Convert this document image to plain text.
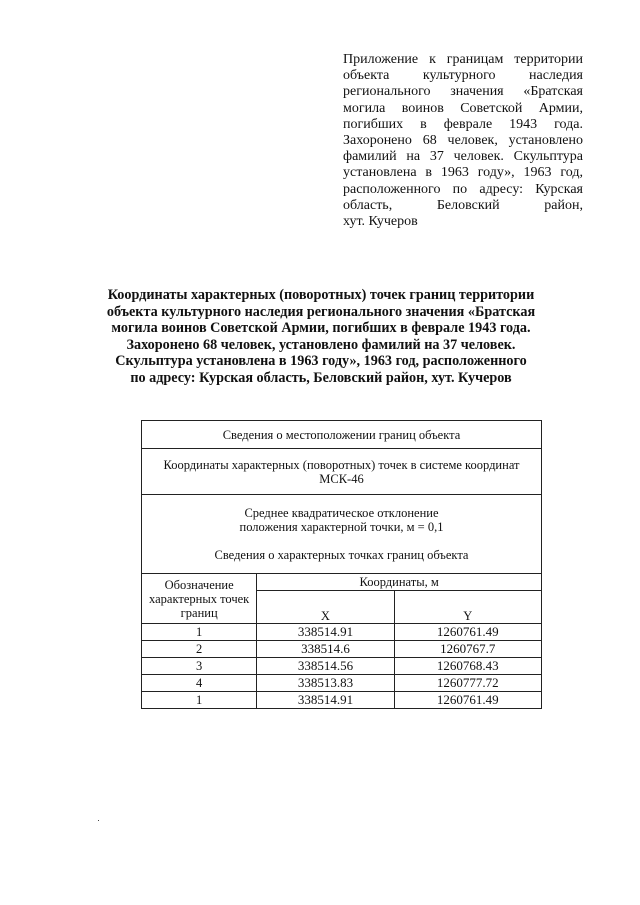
Приложение к границам территории
объекта культурного наследия
регионального значения «Братская
могила воинов Советской Армии,
погибших в феврале 1943 года.
Захоронено 68 человек, установлено
фамилий на 37 человек. Скульптура
установлена в 1963 году», 1963 год,
расположенного по адресу: Курская
область, Беловский район,
хут. Кучеров
Координаты характерных (поворотных) точек границ территории
объекта культурного наследия регионального значения «Братская
могила воинов Советской Армии, погибших в феврале 1943 года.
Захоронено 68 человек, установлено фамилий на 37 человек.
Скульптура установлена в 1963 году», 1963 год, расположенного
по адресу: Курская область, Беловский район, хут. Кучеров
Сведения о местоположении границ объекта		

Координаты характерных (поворотных) точек в системе координат
МСК-46		

Среднее квадратическое отклонение
положения характерной точки, м = 0,1
Сведения о характерных точках границ объекта		

Обозначение характерных точек границ	Координаты, м	
	X	Y
1	338514.91	1260761.49
2	338514.6	1260767.7
3	338514.56	1260768.43
4	338513.83	1260777.72
1	338514.91	1260761.49
